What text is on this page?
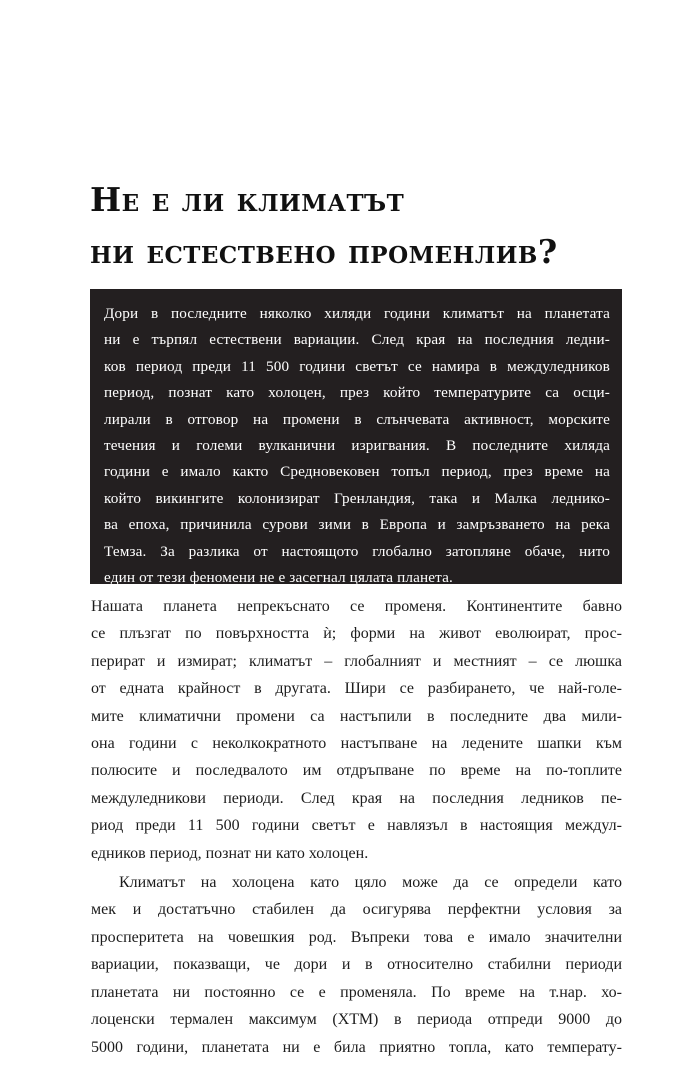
Не е ли климатът
ни естествено променлив?
Дори в последните няколко хиляди години климатът на планетата
ни е търпял естествени вариации. След края на последния ледни-
ков период преди 11 500 години светът се намира в междуледников
период, познат като холоцен, през който температурите са осци-
лирали в отговор на промени в слънчевата активност, морските
течения и големи вулканични изригвания. В последните хиляда
години е имало както Средновековен топъл период, през време на
който викингите колонизират Гренландия, така и Малка леднико-
ва епоха, причинила сурови зими в Европа и замръзването на река
Темза. За разлика от настоящото глобално затопляне обаче, нито
един от тези феномени не е засегнал цялата планета.
Нашата планета непрекъснато се променя. Континентите бавно
се плъзгат по повърхността ѝ; форми на живот еволюират, прос-
перират и измират; климатът – глобалният и местният – се люшка
от едната крайност в другата. Шири се разбирането, че най-голе-
мите климатични промени са настъпили в последните два мили-
она години с неколкократното настъпване на ледените шапки към
полюсите и последвалото им отдръпване по време на по-топлите
междуледникови периоди. След края на последния ледников пе-
риод преди 11 500 години светът е навлязъл в настоящия междул-
едников период, познат ни като холоцен.
Климатът на холоцена като цяло може да се определи като
мек и достатъчно стабилен да осигурява перфектни условия за
просперитета на човешкия род. Въпреки това е имало значителни
вариации, показващи, че дори и в относително стабилни периоди
планетата ни постоянно се е променяла. По време на т.нар. хо-
лоценски термален максимум (ХТМ) в периода отпреди 9000 до
5000 години, планетата ни е била приятно топла, като температу-
